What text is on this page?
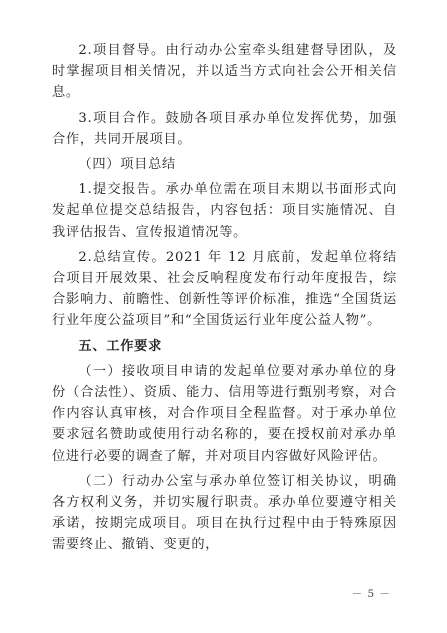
2.项目督导。由行动办公室牵头组建督导团队，及时掌握项目相关情况，并以适当方式向社会公开相关信息。

3.项目合作。鼓励各项目承办单位发挥优势，加强合作，共同开展项目。

（四）项目总结

1.提交报告。承办单位需在项目末期以书面形式向发起单位提交总结报告，内容包括：项目实施情况、自我评估报告、宣传报道情况等。

2.总结宣传。2021 年 12 月底前，发起单位将结合项目开展效果、社会反响程度发布行动年度报告，综合影响力、前瞻性、创新性等评价标准，推选“全国货运行业年度公益项目”和“全国货运行业年度公益人物”。

五、工作要求

（一）接收项目申请的发起单位要对承办单位的身份（合法性）、资质、能力、信用等进行甄别考察，对合作内容认真审核，对合作项目全程监督。对于承办单位要求冠名赞助或使用行动名称的，要在授权前对承办单位进行必要的调查了解，并对项目内容做好风险评估。

（二）行动办公室与承办单位签订相关协议，明确各方权利义务，并切实履行职责。承办单位要遵守相关承诺，按期完成项目。项目在执行过程中由于特殊原因需要终止、撤销、变更的，

－ 5 －
